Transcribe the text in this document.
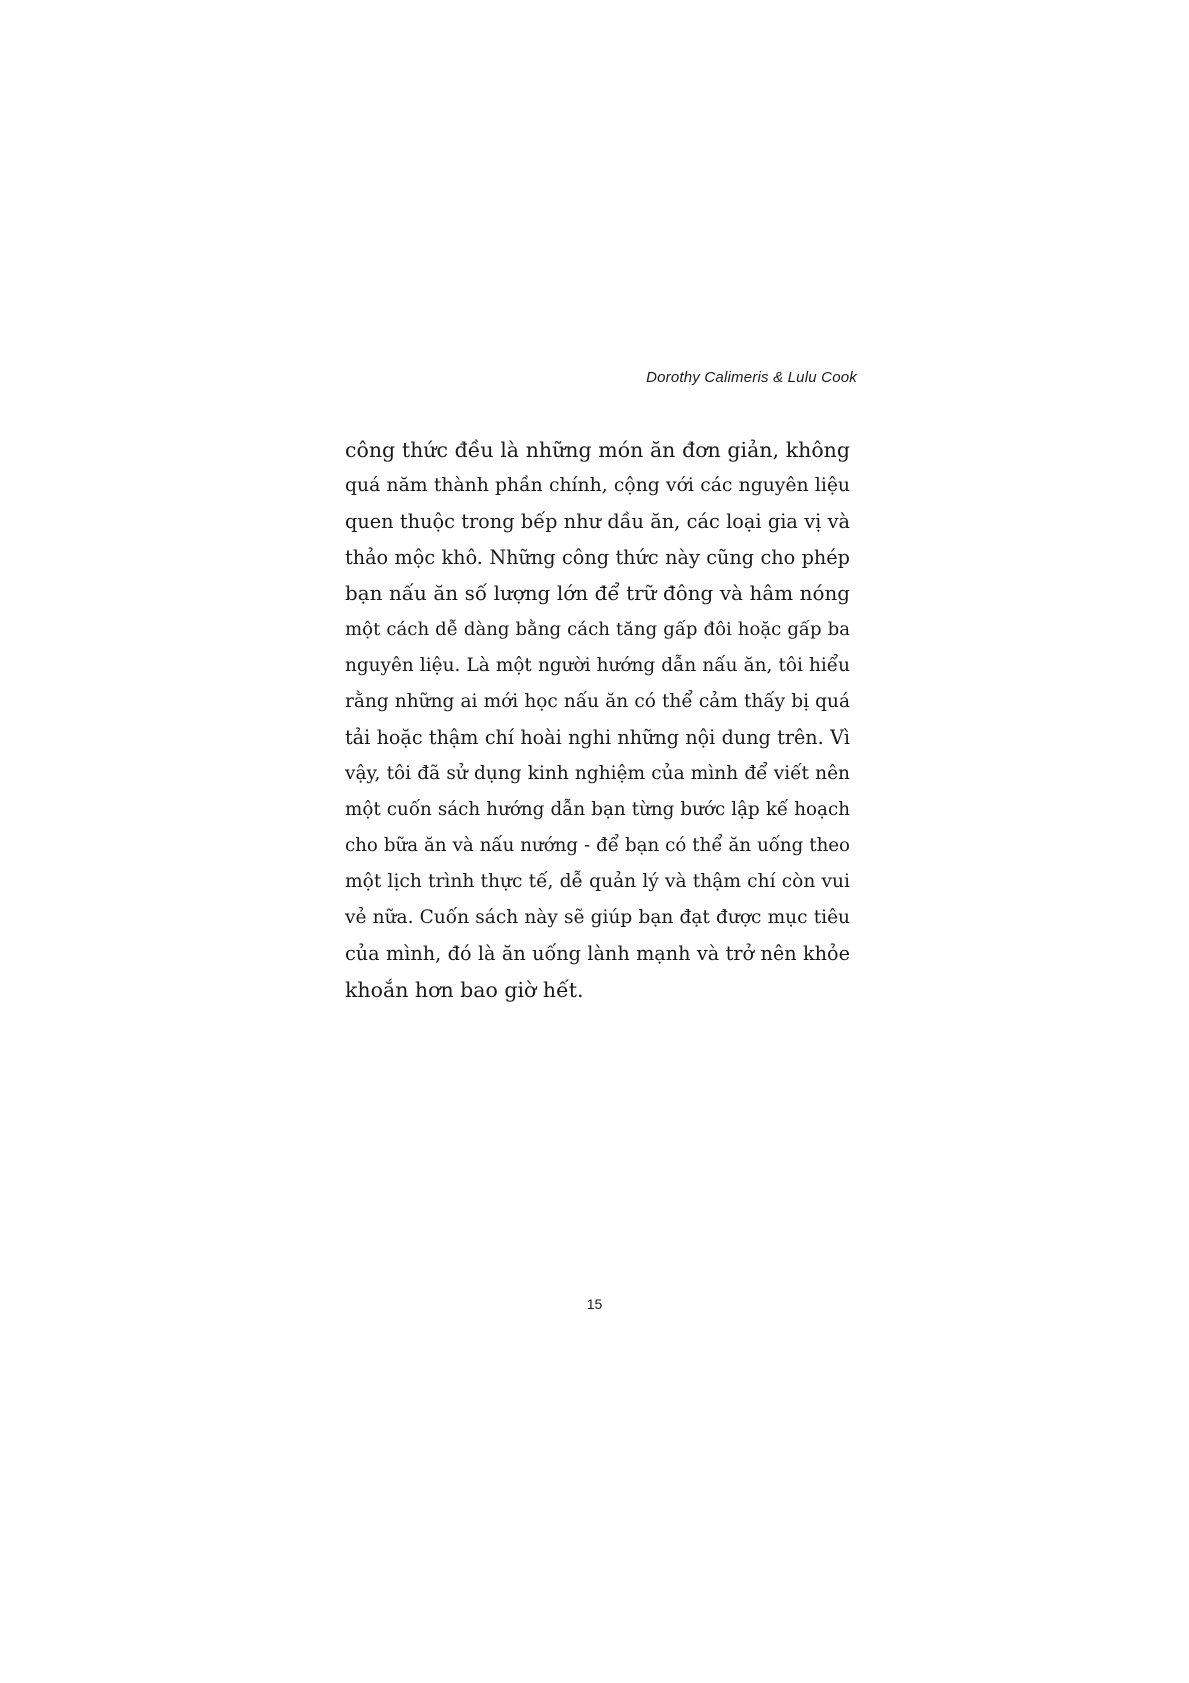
Dorothy Calimeris & Lulu Cook
công thức đều là những món ăn đơn giản, không
quá năm thành phần chính, cộng với các nguyên liệu
quen thuộc trong bếp như dầu ăn, các loại gia vị và
thảo mộc khô. Những công thức này cũng cho phép
bạn nấu ăn số lượng lớn để trữ đông và hâm nóng
một cách dễ dàng bằng cách tăng gấp đôi hoặc gấp ba
nguyên liệu. Là một người hướng dẫn nấu ăn, tôi hiểu
rằng những ai mới học nấu ăn có thể cảm thấy bị quá
tải hoặc thậm chí hoài nghi những nội dung trên. Vì
vậy, tôi đã sử dụng kinh nghiệm của mình để viết nên
một cuốn sách hướng dẫn bạn từng bước lập kế hoạch
cho bữa ăn và nấu nướng - để bạn có thể ăn uống theo
một lịch trình thực tế, dễ quản lý và thậm chí còn vui
vẻ nữa. Cuốn sách này sẽ giúp bạn đạt được mục tiêu
của mình, đó là ăn uống lành mạnh và trở nên khỏe
khoắn hơn bao giờ hết.
15
